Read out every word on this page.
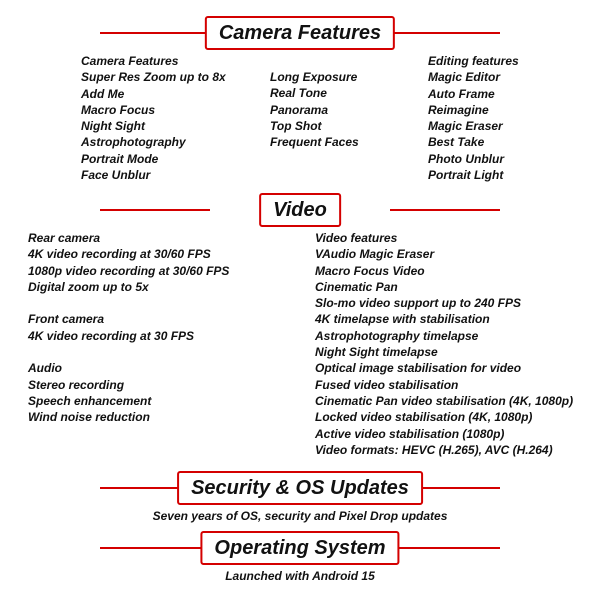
Camera Features
Camera Features
Super Res Zoom up to 8x
Add Me
Macro Focus
Night Sight
Astrophotography
Portrait Mode
Face Unblur
Long Exposure
Real Tone
Panorama
Top Shot
Frequent Faces
Editing features
Magic Editor
Auto Frame
Reimagine
Magic Eraser
Best Take
Photo Unblur
Portrait Light
Video
Rear camera
4K video recording at 30/60 FPS
1080p video recording at 30/60 FPS
Digital zoom up to 5x
Front camera
4K video recording at 30 FPS
Audio
Stereo recording
Speech enhancement
Wind noise reduction
Video features
VAudio Magic Eraser
Macro Focus Video
Cinematic Pan
Slo-mo video support up to 240 FPS
4K timelapse with stabilisation
Astrophotography timelapse
Night Sight timelapse
Optical image stabilisation for video
Fused video stabilisation
Cinematic Pan video stabilisation (4K, 1080p)
Locked video stabilisation (4K, 1080p)
Active video stabilisation (1080p)
Video formats: HEVC (H.265), AVC (H.264)
Security & OS Updates
Seven years of OS, security and Pixel Drop updates
Operating System
Launched with Android 15
